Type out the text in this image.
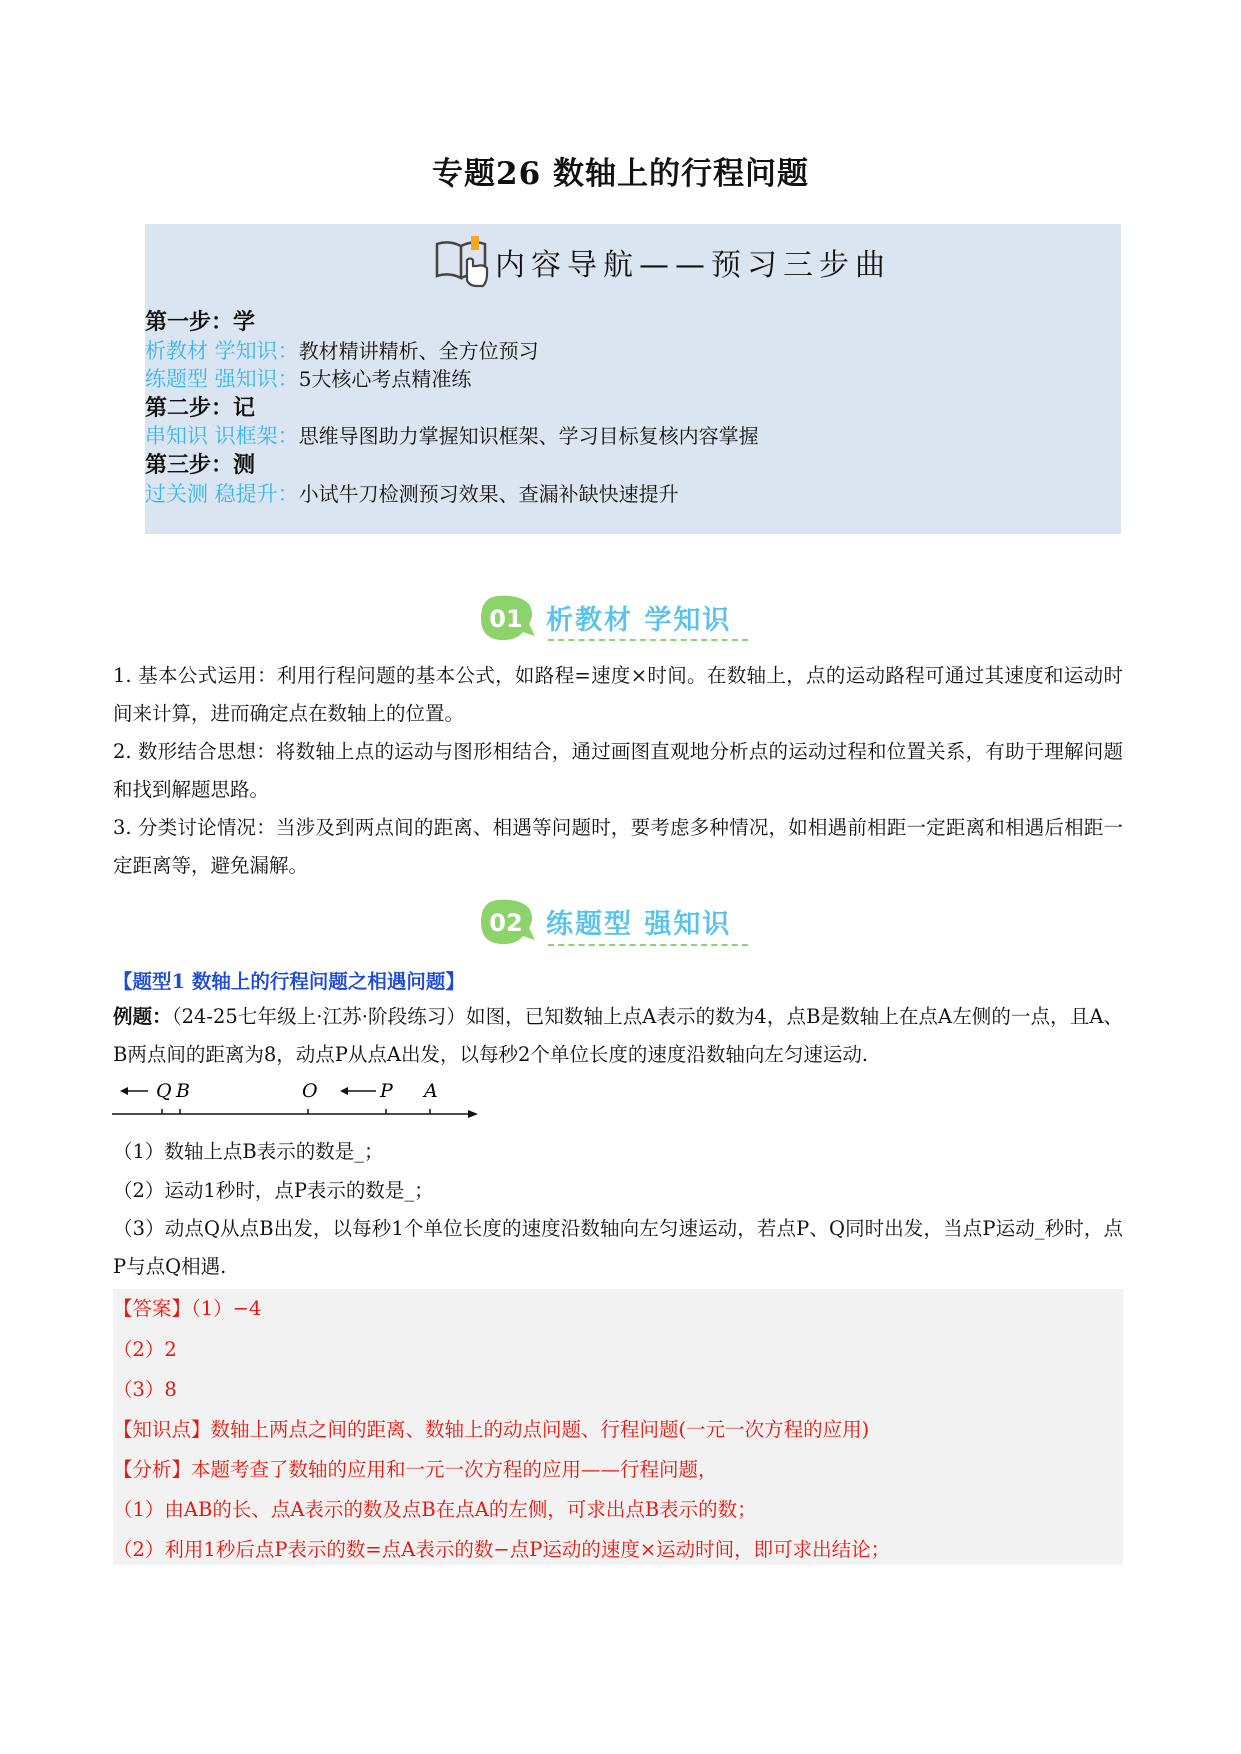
专题26 数轴上的行程问题
内容导航——预习三步曲
第一步：学
析教材 学知识：教材精讲精析、全方位预习
练题型 强知识：5大核心考点精准练
第二步：记
串知识 识框架：思维导图助力掌握知识框架、学习目标复核内容掌握
第三步：测
过关测 稳提升：小试牛刀检测预习效果、查漏补缺快速提升
01 析教材 学知识
1. 基本公式运用：利用行程问题的基本公式，如路程=速度×时间。在数轴上，点的运动路程可通过其速度和运动时间来计算，进而确定点在数轴上的位置。
2. 数形结合思想：将数轴上点的运动与图形相结合，通过画图直观地分析点的运动过程和位置关系，有助于理解问题和找到解题思路。
3. 分类讨论情况：当涉及到两点间的距离、相遇等问题时，要考虑多种情况，如相遇前相距一定距离和相遇后相距一定距离等，避免漏解。
02 练题型 强知识
【题型1 数轴上的行程问题之相遇问题】
例题：（24-25七年级上·江苏·阶段练习）如图，已知数轴上点A表示的数为4，点B是数轴上在点A左侧的一点，且A、B两点间的距离为8，动点P从点A出发，以每秒2个单位长度的速度沿数轴向左匀速运动.
Q B	O	P A
（1）数轴上点B表示的数是_；
（2）运动1秒时，点P表示的数是_；
（3）动点Q从点B出发，以每秒1个单位长度的速度沿数轴向左匀速运动，若点P、Q同时出发，当点P运动_秒时，点P与点Q相遇.
【答案】（1）−4
（2）2
（3）8
【知识点】数轴上两点之间的距离、数轴上的动点问题、行程问题(一元一次方程的应用)
【分析】本题考查了数轴的应用和一元一次方程的应用——行程问题，
（1）由AB的长、点A表示的数及点B在点A的左侧，可求出点B表示的数；
（2）利用1秒后点P表示的数=点A表示的数−点P运动的速度×运动时间，即可求出结论；
